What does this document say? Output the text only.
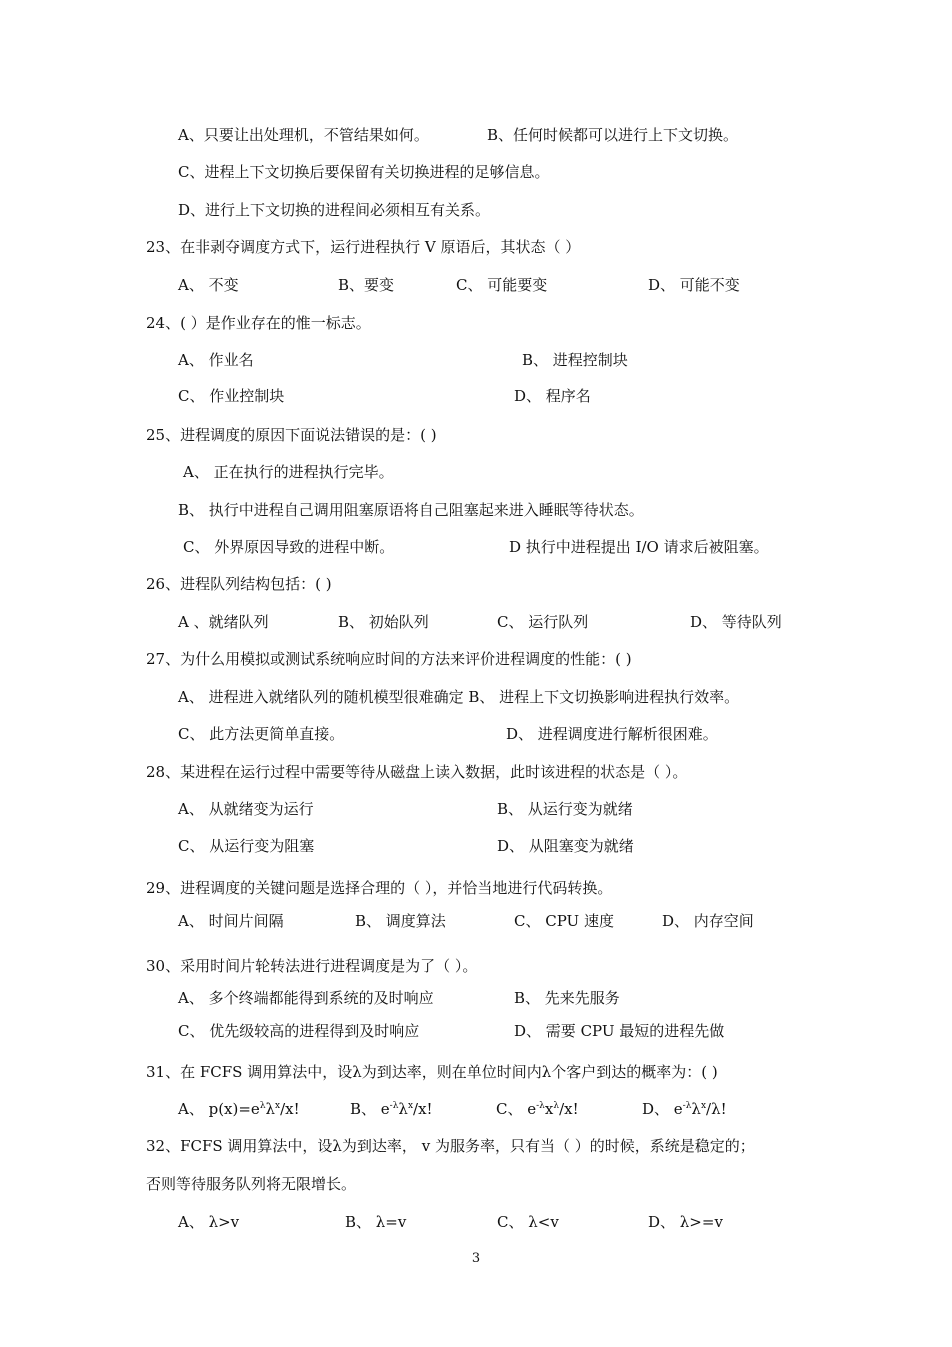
A、只要让出处理机，不管结果如何。	B、任何时候都可以进行上下文切换。
C、进程上下文切换后要保留有关切换进程的足够信息。
D、进行上下文切换的进程间必须相互有关系。
23、在非剥夺调度方式下，运行进程执行 V 原语后，其状态（ ）
A、 不变	B、要变	C、 可能要变	D、 可能不变
24、( ）是作业存在的惟一标志。
A、 作业名	B、 进程控制块
C、 作业控制块	D、 程序名
25、进程调度的原因下面说法错误的是：( )
A、 正在执行的进程执行完毕。
B、 执行中进程自己调用阻塞原语将自己阻塞起来进入睡眠等待状态。
C、 外界原因导致的进程中断。	D 执行中进程提出 I/O 请求后被阻塞。
26、进程队列结构包括：( )
A 、就绪队列	B、 初始队列	C、 运行队列	D、 等待队列
27、为什么用模拟或测试系统响应时间的方法来评价进程调度的性能：( )
A、 进程进入就绪队列的随机模型很难确定 B、 进程上下文切换影响进程执行效率。
C、 此方法更简单直接。	D、 进程调度进行解析很困难。
28、某进程在运行过程中需要等待从磁盘上读入数据，此时该进程的状态是（ ）。
A、 从就绪变为运行	B、 从运行变为就绪
C、 从运行变为阻塞	D、 从阻塞变为就绪
29、进程调度的关键问题是选择合理的（ ），并恰当地进行代码转换。
A、 时间片间隔	B、 调度算法	C、 CPU 速度	D、 内存空间
30、采用时间片轮转法进行进程调度是为了（ ）。
A、 多个终端都能得到系统的及时响应	B、 先来先服务
C、 优先级较高的进程得到及时响应	D、 需要 CPU 最短的进程先做
31、在 FCFS 调用算法中，设λ为到达率，则在单位时间内λ个客户到达的概率为：( )
A、 $p(x)=e^\lambda\lambda^x/x$!	B、 $e^{-\lambda}\lambda^x/x$!	C、 $e^{-\lambda}x^\lambda/x$!	D、 $e^{-\lambda}\lambda^x/\lambda$!
32、FCFS 调用算法中，设λ为到达率， v 为服务率，只有当（ ）的时候，系统是稳定的；
否则等待服务队列将无限增长。
A、 λ>v	B、 λ=v	C、 λ<v	D、 λ>=v
3
